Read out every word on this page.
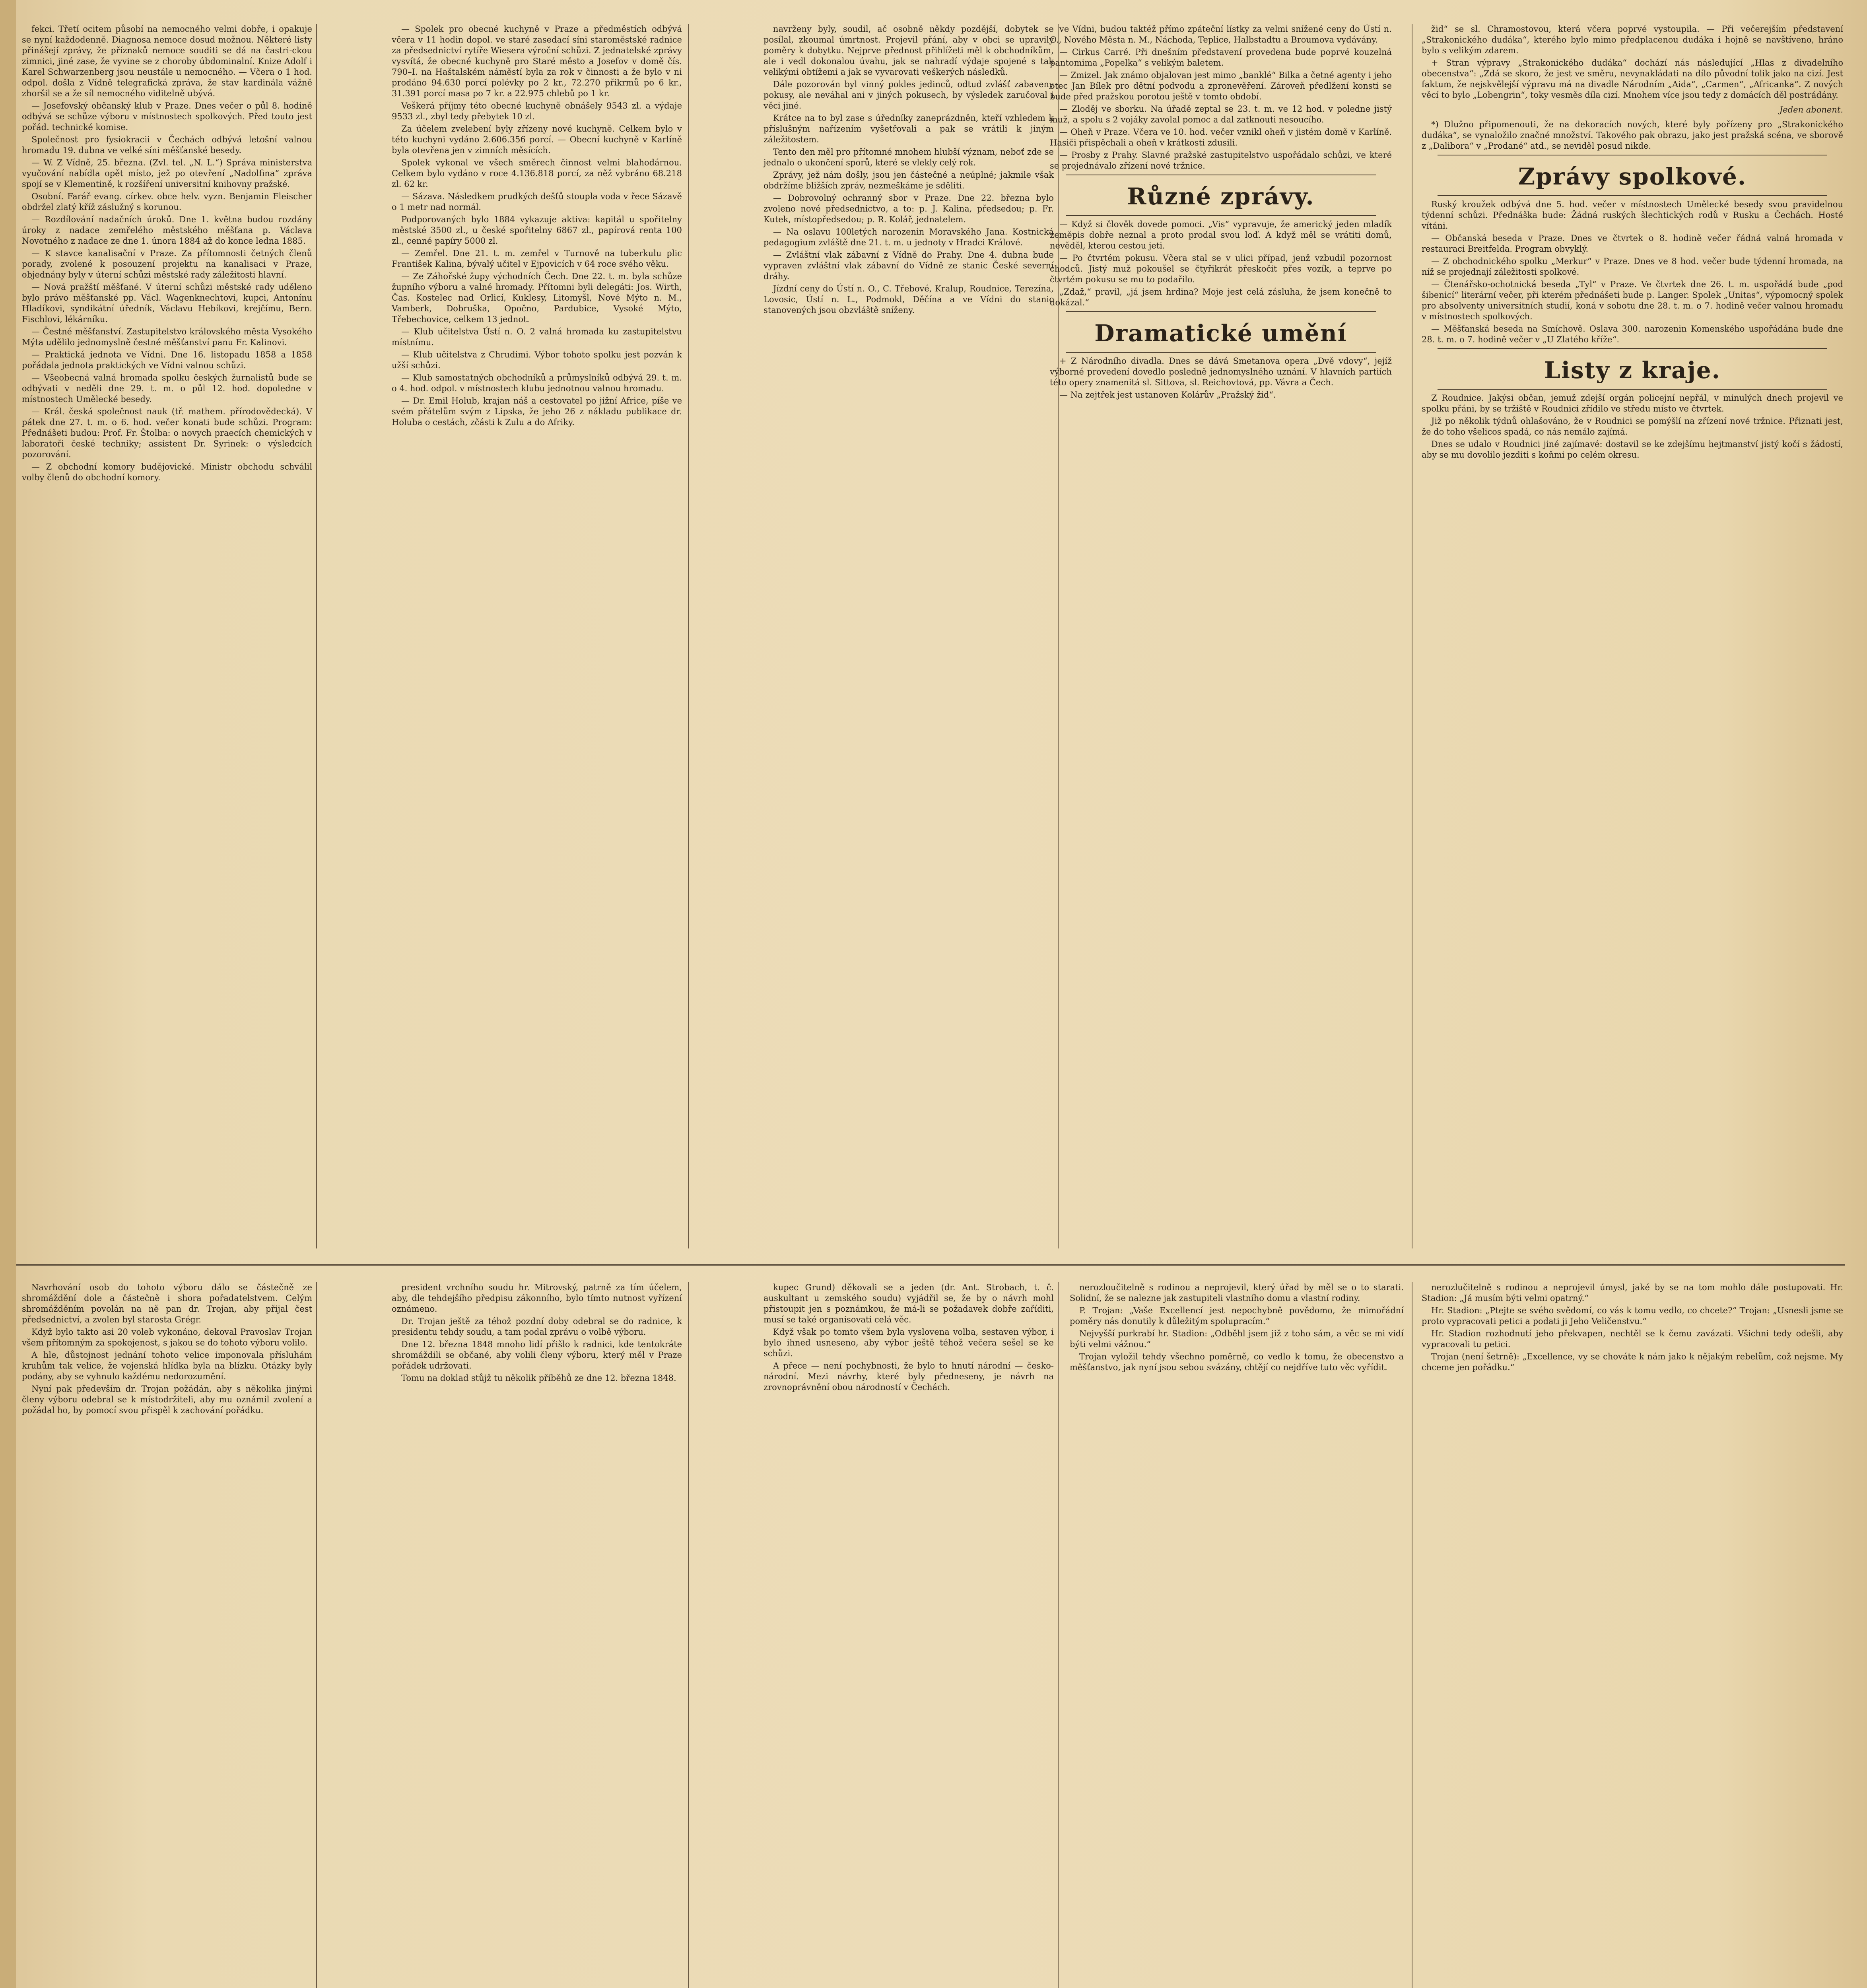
fekci. Třetí ocitem působí na nemocného velmi dobře, i opakuje se nyní každodenně. Diagnosa nemoce dosud možnou. Některé listy přinášejí zprávy, že příznaků nemoce souditi se dá na častri-ckou zimnici, jiné zase, že vyvine se z choroby úbdominalní. Knize Adolf i Karel Schwarzenberg jsou neustále u nemocného. — Včera o 1 hod. odpol. došla z Vídně telegrafická zpráva, že stav kardinála vážně zhoršil se a že síl nemocného viditelně ubývá.

— Josefovský občanský klub v Praze. Dnes večer o půl 8. hodině odbývá se schůze výboru v místnostech spolkových. Před touto jest pořád. technické komise.

Společnost pro fysiokracii v Čechách odbývá letošní valnou hromadu 19. dubna ve velké síni měšťanské besedy.

— W. Z Vídně, 25. března. (Zvl. tel. „N. L.“) Správa ministerstva vyučování nabídla opět místo, jež po otevření „Nadolfina“ zpráva spojí se v Klementině, k rozšíření universitní knihovny pražské.

Osobní. Farář evang. církev. obce helv. vyzn. Benjamin Fleischer obdržel zlatý kříž záslužný s korunou.

— Rozdílování nadačních úroků. Dne 1. května budou rozdány úroky z nadace zemřelého městského měšťana p. Václava Novotného z nadace ze dne 1. února 1884 až do konce ledna 1885.

— K stavce kanalisační v Praze. Za přítomnosti četných členů porady, zvolené k posouzení projektu na kanalisaci v Praze, objednány byly v úterní schůzi městské rady záležitosti hlavní.

— Nová pražští měšťané. V úterní schůzi městské rady uděleno bylo právo měšťanské pp. Václ. Wagenknechtovi, kupci, Antonínu Hladíkovi, syndikátní úředník, Václavu Hebíkovi, krejčímu, Bern. Fischlovi, lékárníku.

— Čestné měšťanství. Zastupitelstvo královského města Vysokého Mýta udělilo jednomyslně čestné měšťanství panu Fr. Kalinovi.

— Praktická jednota ve Vídni. Dne 16. listopadu 1858 a 1858 pořádala jednota praktických ve Vídni valnou schůzi.

— Všeobecná valná hromada spolku českých žurnalistů bude se odbývati v neděli dne 29. t. m. o půl 12. hod. dopoledne v místnostech Umělecké besedy.

— Král. česká společnost nauk (tř. mathem. přírodovědecká). V pátek dne 27. t. m. o 6. hod. večer konati bude schůzi. Program: Přednášeti budou: Prof. Fr. Štolba: o novych praecích chemických v laboratoři české techniky; assistent Dr. Syrinek: o výsledcích pozorování.

— Z obchodní komory budějovické. Ministr obchodu schválil volby členů do obchodní komory.

— Spolek pro obecné kuchyně v Praze a předměstích odbývá včera v 11 hodin dopol. ve staré zasedací síni staroměstské radnice za předsednictví rytíře Wiesera výroční schůzi. Z jednatelské zprávy vysvítá, že obecné kuchyně pro Staré město a Josefov v domě čís. 790–I. na Haštalském náměstí byla za rok v činnosti a že bylo v ni prodáno 94.630 porcí polévky po 2 kr., 72.270 přikrmů po 6 kr., 31.391 porcí masa po 7 kr. a 22.975 chlebů po 1 kr.

Veškerá příjmy této obecné kuchyně obnášely 9543 zl. a výdaje 9533 zl., zbyl tedy přebytek 10 zl.

Za účelem zvelebení byly zřízeny nové kuchyně. Celkem bylo v této kuchyni vydáno 2.606.356 porcí. — Obecní kuchyně v Karlíně byla otevřena jen v zimních měsících.

Spolek vykonal ve všech směrech činnost velmi blahodárnou. Celkem bylo vydáno v roce 4.136.818 porcí, za něž vybráno 68.218 zl. 62 kr.

— Sázava. Následkem prudkých dešťů stoupla voda v řece Sázavě o 1 metr nad normál.

Podporovaných bylo 1884 vykazuje aktiva: kapitál u spořitelny městské 3500 zl., u české spořitelny 6867 zl., papírová renta 100 zl., cenné papíry 5000 zl.

— Zemřel. Dne 21. t. m. zemřel v Turnově na tuberkulu plic František Kalina, bývalý učitel v Ejpovicích v 64 roce svého věku.

— Ze Záhořské župy východních Čech. Dne 22. t. m. byla schůze župního výboru a valné hromady. Přítomni byli delegáti: Jos. Wirth, Čas. Kostelec nad Orlicí, Kuklesy, Litomyšl, Nové Mýto n. M., Vamberk, Dobruška, Opočno, Pardubice, Vysoké Mýto, Třebechovice, celkem 13 jednot.

— Klub učitelstva Ústí n. O. 2 valná hromada ku zastupitelstvu místnímu.

— Klub učitelstva z Chrudimi. Výbor tohoto spolku jest pozván k užší schůzi.

— Klub samostatných obchodníků a průmyslníků odbývá 29. t. m. o 4. hod. odpol. v místnostech klubu jednotnou valnou hromadu.

— Dr. Emil Holub, krajan náš a cestovatel po jižní Africe, píše ve svém přátelům svým z Lipska, že jeho 26 z nákladu publikace dr. Holuba o cestách, zčásti k Zulu a do Afriky.

navrženy byly, soudil, ač osobně někdy pozdější, dobytek se posílal, zkoumal úmrtnost. Projevil přání, aby v obci se upravily poměry k dobytku. Nejprve přednost přihlížeti měl k obchodníkům, ale i vedl dokonalou úvahu, jak se nahradí výdaje spojené s tak velikými obtížemi a jak se vyvarovati veškerých následků.

Dále pozorován byl vinný pokles jedinců, odtud zvlášť zabaveny pokusy, ale neváhal ani v jiných pokusech, by výsledek zaručoval i věci jiné.

Krátce na to byl zase s úředníky zaneprázdněn, kteří vzhledem k příslušným nařízením vyšetřovali a pak se vrátili k jiným záležitostem.

Tento den měl pro přítomné mnohem hlubší význam, neboť zde se jednalo o ukončení sporů, které se vlekly celý rok.

Zprávy, jež nám došly, jsou jen částečné a neúplné; jakmile však obdržíme bližších zpráv, nezmeškáme je sděliti.

— Dobrovolný ochranný sbor v Praze. Dne 22. března bylo zvoleno nové předsednictvo, a to: p. J. Kalina, předsedou; p. Fr. Kutek, místopředsedou; p. R. Kolář, jednatelem.

— Na oslavu 100letých narozenin Moravského Jana. Kostnická pedagogium zvláště dne 21. t. m. u jednoty v Hradci Králové.

— Zvláštní vlak zábavní z Vídně do Prahy. Dne 4. dubna bude vypraven zvláštní vlak zábavní do Vídně ze stanic České severní dráhy.

Jízdní ceny do Ústí n. O., C. Třebové, Kralup, Roudnice, Terezína, Lovosic, Ústí n. L., Podmokl, Děčína a ve Vídni do stanic stanovených jsou obzvláště sníženy.

ve Vídni, budou taktéž přímo zpáteční lístky za velmi snížené ceny do Ústí n. O., Nového Města n. M., Náchoda, Teplice, Halbstadtu a Broumova vydávány.

— Cirkus Carré. Při dnešním představení provedena bude poprvé kouzelná pantomima „Popelka“ s velikým baletem.

— Zmizel. Jak známo objalovan jest mimo „banklé“ Bilka a četné agenty i jeho otec Jan Bílek pro dětní podvodu a zpronevěření. Zároveň předlžení konsti se bude před pražskou porotou ještě v tomto období.

— Zloděj ve sborku. Na úřadě zeptal se 23. t. m. ve 12 hod. v poledne jistý muž, a spolu s 2 vojáky zavolal pomoc a dal zatknouti nesoucího.

— Oheň v Praze. Včera ve 10. hod. večer vznikl oheň v jistém domě v Karlíně. Hasiči přispěchali a oheň v krátkosti zdusili.

— Prosby z Prahy. Slavné pražské zastupitelstvo uspořádalo schůzi, ve které se projednávalo zřízení nové tržnice.

Různé zprávy.

— Když si člověk dovede pomoci. „Vis“ vypravuje, že americký jeden mladík zeměpis dobře neznal a proto prodal svou loď. A když měl se vrátiti domů, nevěděl, kterou cestou jeti.

— Po čtvrtém pokusu. Včera stal se v ulici případ, jenž vzbudil pozornost chodců. Jistý muž pokoušel se čtyřikrát přeskočit přes vozík, a teprve po čtvrtém pokusu se mu to podařilo.

„Zdaž,“ pravil, „já jsem hrdina? Moje jest celá zásluha, že jsem konečně to dokázal.“

Dramatické umění

+ Z Národního divadla. Dnes se dává Smetanova opera „Dvě vdovy“, jejíž výborné provedení dovedlo posledně jednomyslného uznání. V hlavních partiích této opery znamenitá sl. Sittova, sl. Reichovtová, pp. Vávra a Čech.

— Na zejtřek jest ustanoven Kolárův „Pražský žid“.

žid“ se sl. Chramostovou, která včera poprvé vystoupila. — Při večerejším představení „Strakonického dudáka“, kterého bylo mimo předplacenou dudáka i hojně se navštíveno, hráno bylo s velikým zdarem.

+ Stran výpravy „Strakonického dudáka“ dochází nás následující „Hlas z divadelního obecenstva“: „Zdá se skoro, že jest ve směru, nevynakládati na dílo původní tolik jako na cizí. Jest faktum, že nejskvělejší výpravu má na divadle Národním „Aida“, „Carmen“, „Africanka“. Z nových věcí to bylo „Lobengrin“, toky vesměs díla cizí. Mnohem více jsou tedy z domácích děl postrádány.

Jeden abonent.

*) Dlužno připomenouti, že na dekoracích nových, které byly pořízeny pro „Strakonického dudáka“, se vynaložilo značné množství. Takového pak obrazu, jako jest pražská scéna, ve sborově z „Dalibora“ v „Prodané“ atd., se neviděl posud nikde.

Zprávy spolkové.

Ruský kroužek odbývá dne 5. hod. večer v místnostech Umělecké besedy svou pravidelnou týdenní schůzi. Přednáška bude: Žádná ruských šlechtických rodů v Rusku a Čechách. Hosté vítáni.

— Občanská beseda v Praze. Dnes ve čtvrtek o 8. hodině večer řádná valná hromada v restauraci Breitfelda. Program obvyklý.

— Z obchodnického spolku „Merkur“ v Praze. Dnes ve 8 hod. večer bude týdenní hromada, na níž se projednají záležitosti spolkové.

— Čtenářsko-ochotnická beseda „Tyl“ v Praze. Ve čtvrtek dne 26. t. m. uspořádá bude „pod šibenicí“ literární večer, při kterém přednášeti bude p. Langer. Spolek „Unitas“, výpomocný spolek pro absolventy universitních studií, koná v sobotu dne 28. t. m. o 7. hodině večer valnou hromadu v místnostech spolkových.

— Měšťanská beseda na Smíchově. Oslava 300. narozenin Komenského uspořádána bude dne 28. t. m. o 7. hodině večer v „U Zlatého kříže“.

Listy z kraje.

Z Roudnice. Jakýsi občan, jemuž zdejší orgán policejní nepřál, v minulých dnech projevil ve spolku přáni, by se tržiště v Roudnici zřídilo ve středu místo ve čtvrtek.

Již po několik týdnů ohlašováno, že v Roudnici se pomýšlí na zřízení nové tržnice. Přiznati jest, že do toho všelicos spadá, co nás nemálo zajímá.

Dnes se udalo v Roudnici jiné zajímavé: dostavil se ke zdejšímu hejtmanství jistý kočí s žádostí, aby se mu dovolilo jezditi s koňmi po celém okresu.

Navrhování osob do tohoto výboru dálo se částečně ze shromáždění dole a částečně i shora pořadatelstvem. Celým shromážděním povolán na ně pan dr. Trojan, aby přijal čest předsednictví, a zvolen byl starosta Grégr.

Když bylo takto asi 20 voleb vykonáno, dekoval Pravoslav Trojan všem přítomným za spokojenost, s jakou se do tohoto výboru volilo.

A hle, důstojnost jednání tohoto velice imponovala přísluhám kruhům tak velice, že vojenská hlídka byla na blízku. Otázky byly podány, aby se vyhnulo každému nedorozumění.

Nyní pak především dr. Trojan požádán, aby s několika jinými členy výboru odebral se k místodržiteli, aby mu oznámil zvolení a požádal ho, by pomocí svou přispěl k zachování pořádku.

president vrchního soudu hr. Mitrovský, patrně za tím účelem, aby, dle tehdejšího předpisu zákonního, bylo tímto nutnost vyřízení oznámeno.

Dr. Trojan ještě za téhož pozdní doby odebral se do radnice, k presidentu tehdy soudu, a tam podal zprávu o volbě výboru.

Dne 12. března 1848 mnoho lidí přišlo k radnici, kde tentokráte shromáždili se občané, aby volili členy výboru, který měl v Praze pořádek udržovati.

Tomu na doklad stůjž tu několik příběhů ze dne 12. března 1848.

kupec Grund) děkovali se a jeden (dr. Ant. Strobach, t. č. auskultant u zemského soudu) vyjádřil se, že by o návrh mohl přistoupit jen s poznámkou, že má-li se požadavek dobře zaříditi, musí se také organisovati celá věc.

Když však po tomto všem byla vyslovena volba, sestaven výbor, i bylo ihned usneseno, aby výbor ještě téhož večera sešel se ke schůzi.

A přece — není pochybnosti, že bylo to hnutí národní — česko-národní. Mezi návrhy, které byly předneseny, je návrh na zrovnoprávnění obou národností v Čechách.

nerozloučitelně s rodinou a neprojevil, který úřad by měl se o to starati. Solidní, že se nalezne jak zastupiteli vlastního domu a vlastní rodiny.

P. Trojan: „Vaše Excellencí jest nepochybně povědomo, že mimořádní poměry nás donutily k důležitým spolupracím.“

Nejvyšší purkrabí hr. Stadion: „Odběhl jsem již z toho sám, a věc se mi vidí býti velmi vážnou.“

Trojan vyložil tehdy všechno poměrně, co vedlo k tomu, že obecenstvo a měšťanstvo, jak nyní jsou sebou svázány, chtějí co nejdříve tuto věc vyřídit.

nerozlučitelně s rodinou a neprojevil úmysl, jaké by se na tom mohlo dále postupovati. Hr. Stadion: „Já musím býti velmi opatrný.“

Hr. Stadion: „Ptejte se svého svědomí, co vás k tomu vedlo, co chcete?“ Trojan: „Usnesli jsme se proto vypracovati petici a podati ji Jeho Veličenstvu.“

Hr. Stadion rozhodnutí jeho překvapen, nechtěl se k čemu zavázati. Všichni tedy odešli, aby vypracovali tu petici.

Trojan (není šetrně): „Excellence, vy se chováte k nám jako k nějakým rebelům, což nejsme. My chceme jen pořádku.“
